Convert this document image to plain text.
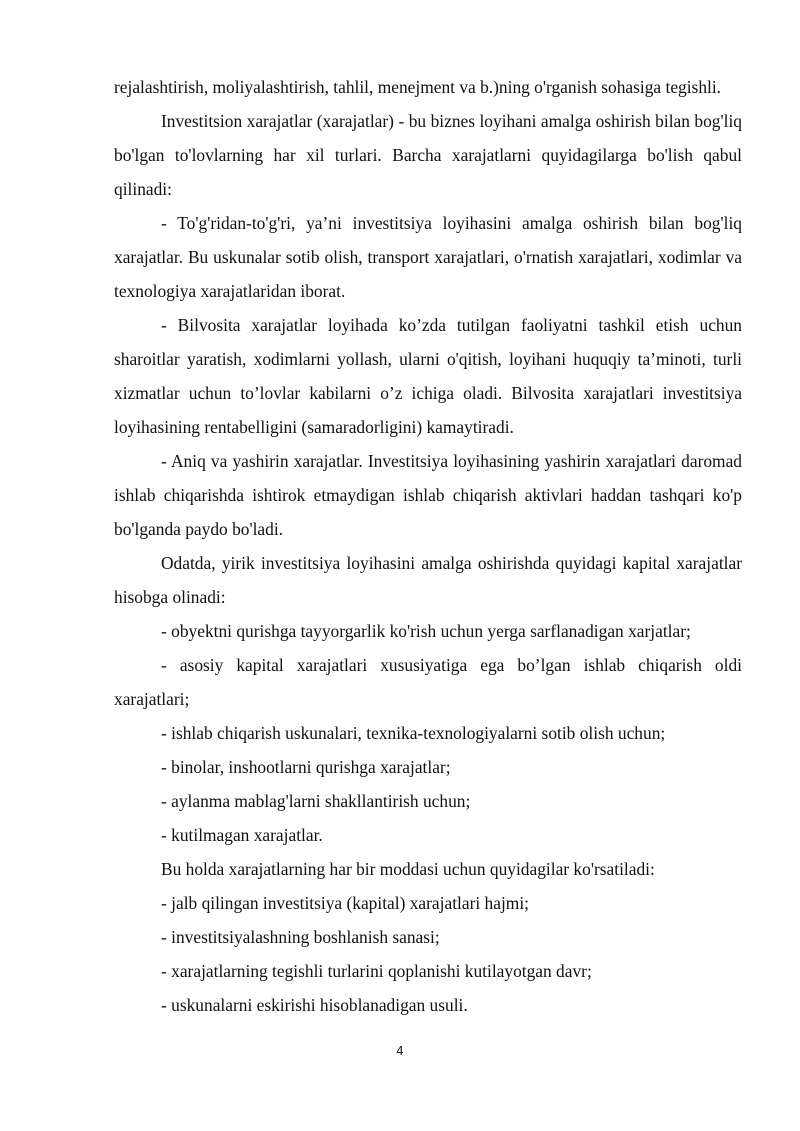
rejalashtirish, moliyalashtirish, tahlil, menejment va b.)ning o'rganish sohasiga tegishli.

Investitsion xarajatlar (xarajatlar) - bu biznes loyihani amalga oshirish bilan bog'liq bo'lgan to'lovlarning har xil turlari. Barcha xarajatlarni quyidagilarga bo'lish qabul qilinadi:

- To'g'ridan-to'g'ri, ya’ni investitsiya loyihasini amalga oshirish bilan bog'liq xarajatlar. Bu uskunalar sotib olish, transport xarajatlari, o'rnatish xarajatlari, xodimlar va texnologiya xarajatlaridan iborat.

- Bilvosita xarajatlar loyihada ko’zda tutilgan faoliyatni tashkil etish uchun sharoitlar yaratish, xodimlarni yollash, ularni o'qitish, loyihani huquqiy ta’minoti, turli xizmatlar uchun to’lovlar kabilarni o’z ichiga oladi. Bilvosita xarajatlari investitsiya loyihasining rentabelligini (samaradorligini) kamaytiradi.

- Aniq va yashirin xarajatlar. Investitsiya loyihasining yashirin xarajatlari daromad ishlab chiqarishda ishtirok etmaydigan ishlab chiqarish aktivlari haddan tashqari ko'p bo'lganda paydo bo'ladi.

Odatda, yirik investitsiya loyihasini amalga oshirishda quyidagi kapital xarajatlar hisobga olinadi:

- obyektni qurishga tayyorgarlik ko'rish uchun yerga sarflanadigan xarjatlar;

- asosiy kapital xarajatlari xususiyatiga ega bo’lgan ishlab chiqarish oldi xarajatlari;

- ishlab chiqarish uskunalari, texnika-texnologiyalarni sotib olish uchun;

- binolar, inshootlarni qurishga xarajatlar;

- aylanma mablag'larni shakllantirish uchun;

- kutilmagan xarajatlar.

Bu holda xarajatlarning har bir moddasi uchun quyidagilar ko'rsatiladi:

- jalb qilingan investitsiya (kapital) xarajatlari hajmi;

- investitsiyalashning boshlanish sanasi;

- xarajatlarning tegishli turlarini qoplanishi kutilayotgan davr;

- uskunalarni eskirishi hisoblanadigan usuli.

4
